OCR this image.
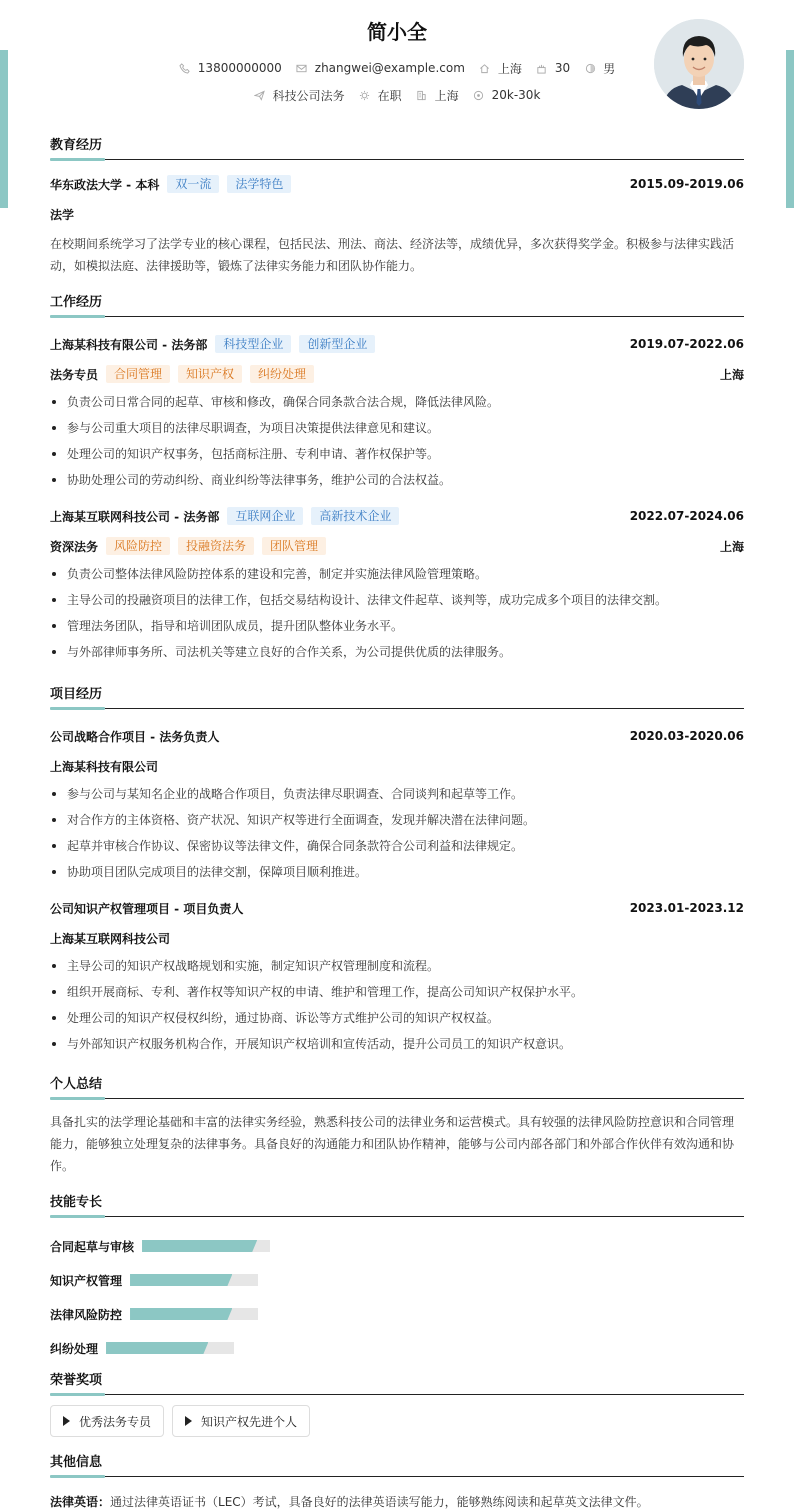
简小全
13800000000	zhangwei@example.com	上海	30	男
科技公司法务	在职	上海	20k-30k
教育经历
华东政法大学 - 本科	双一流	法学特色	2015.09-2019.06
法学
在校期间系统学习了法学专业的核心课程，包括民法、刑法、商法、经济法等，成绩优异，多次获得奖学金。积极参与法律实践活动，如模拟法庭、法律援助等，锻炼了法律实务能力和团队协作能力。
工作经历
上海某科技有限公司 - 法务部	科技型企业	创新型企业	2019.07-2022.06
法务专员	合同管理	知识产权	纠纷处理	上海
负责公司日常合同的起草、审核和修改，确保合同条款合法合规，降低法律风险。
参与公司重大项目的法律尽职调查，为项目决策提供法律意见和建议。
处理公司的知识产权事务，包括商标注册、专利申请、著作权保护等。
协助处理公司的劳动纠纷、商业纠纷等法律事务，维护公司的合法权益。
上海某互联网科技公司 - 法务部	互联网企业	高新技术企业	2022.07-2024.06
资深法务	风险防控	投融资法务	团队管理	上海
负责公司整体法律风险防控体系的建设和完善，制定并实施法律风险管理策略。
主导公司的投融资项目的法律工作，包括交易结构设计、法律文件起草、谈判等，成功完成多个项目的法律交割。
管理法务团队，指导和培训团队成员，提升团队整体业务水平。
与外部律师事务所、司法机关等建立良好的合作关系，为公司提供优质的法律服务。
项目经历
公司战略合作项目 - 法务负责人	2020.03-2020.06
上海某科技有限公司
参与公司与某知名企业的战略合作项目，负责法律尽职调查、合同谈判和起草等工作。
对合作方的主体资格、资产状况、知识产权等进行全面调查，发现并解决潜在法律问题。
起草并审核合作协议、保密协议等法律文件，确保合同条款符合公司利益和法律规定。
协助项目团队完成项目的法律交割，保障项目顺利推进。
公司知识产权管理项目 - 项目负责人	2023.01-2023.12
上海某互联网科技公司
主导公司的知识产权战略规划和实施，制定知识产权管理制度和流程。
组织开展商标、专利、著作权等知识产权的申请、维护和管理工作，提高公司知识产权保护水平。
处理公司的知识产权侵权纠纷，通过协商、诉讼等方式维护公司的知识产权权益。
与外部知识产权服务机构合作，开展知识产权培训和宣传活动，提升公司员工的知识产权意识。
个人总结
具备扎实的法学理论基础和丰富的法律实务经验，熟悉科技公司的法律业务和运营模式。具有较强的法律风险防控意识和合同管理能力，能够独立处理复杂的法律事务。具备良好的沟通能力和团队协作精神，能够与公司内部各部门和外部合作伙伴有效沟通和协作。
技能专长
合同起草与审核
知识产权管理
法律风险防控
纠纷处理
荣誉奖项
优秀法务专员	知识产权先进个人
其他信息
法律英语：通过法律英语证书（LEC）考试，具备良好的法律英语读写能力，能够熟练阅读和起草英文法律文件。
